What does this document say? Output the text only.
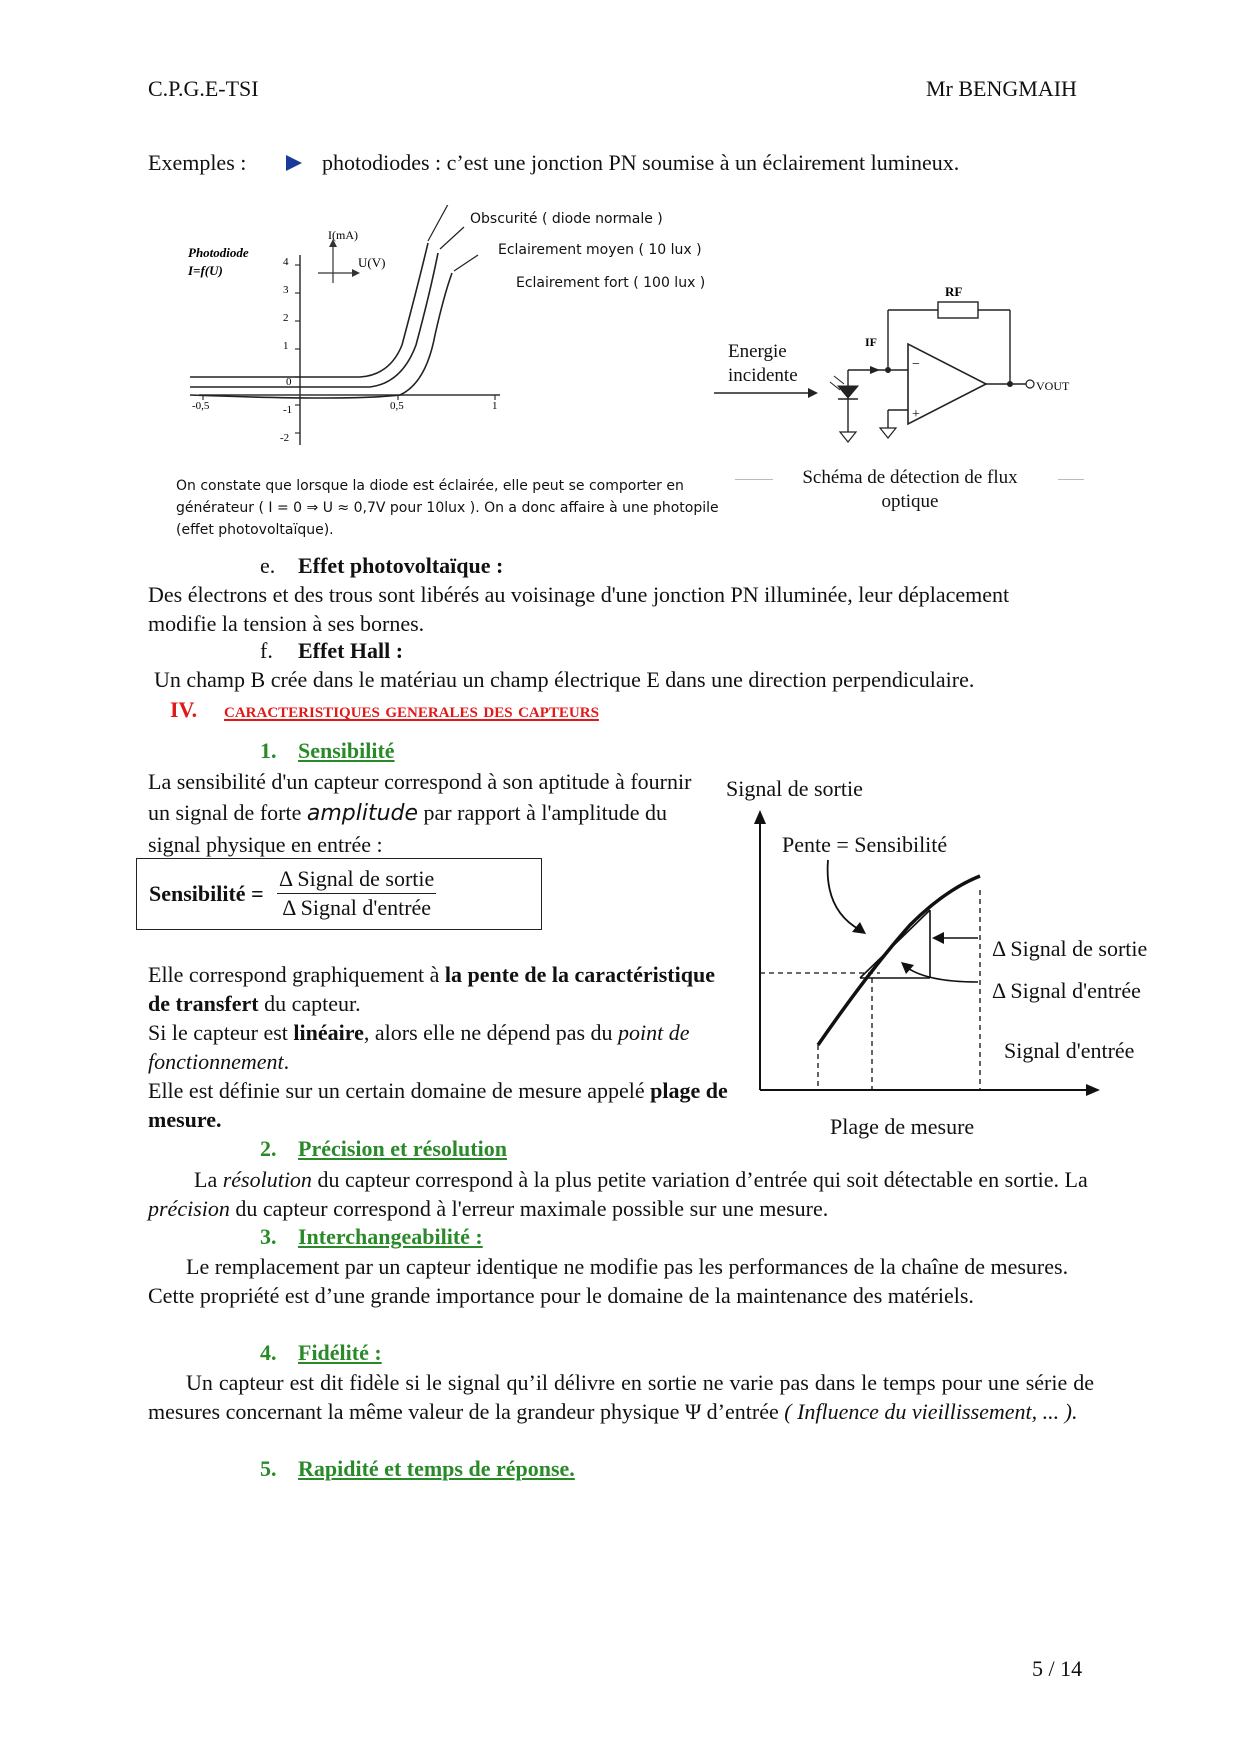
C.P.G.E-TSI	Mr BENGMAIH
Exemples :	photodiodes : c’est une jonction PN soumise à un éclairement lumineux.
4
3
2
1
0
-1
-2
-0,5	0,5	1
Photodiode
I=f(U)
I(mA)
U(V)
Obscurité ( diode normale )
Eclairement moyen ( 10 lux )
Eclairement fort ( 100 lux )
On constate que lorsque la diode est éclairée, elle peut se comporter en générateur ( I = 0 ⇒ U ≈ 0,7V pour 10lux ). On a donc affaire à une photopile (effet photovoltaïque).
Energie
incidente
−
+
RF
IF
VOUT
Schéma de détection de flux optique
e. Effet photovoltaïque :
Des électrons et des trous sont libérés au voisinage d'une jonction PN illuminée, leur déplacement modifie la tension à ses bornes.
f. Effet Hall :
Un champ B crée dans le matériau un champ électrique E dans une direction perpendiculaire.
IV. caracteristiques generales des capteurs
1. Sensibilité
La sensibilité d'un capteur correspond à son aptitude à fournir un signal de forte amplitude par rapport à l'amplitude du signal physique en entrée :
Sensibilité =
Δ Signal de sortie
Δ Signal d'entrée

Elle correspond graphiquement à la pente de la caractéristique de transfert du capteur.

Si le capteur est linéaire, alors elle ne dépend pas du point de fonctionnement.

Elle est définie sur un certain domaine de mesure appelé plage de mesure.

Signal de sortie
Pente = Sensibilité
Δ Signal de sortie
Δ Signal d'entrée
Signal d'entrée
Plage de mesure
2. Précision et résolution
La résolution du capteur correspond à la plus petite variation d’entrée qui soit détectable en sortie. La précision du capteur correspond à l'erreur maximale possible sur une mesure.
3. Interchangeabilité :
Le remplacement par un capteur identique ne modifie pas les performances de la chaîne de mesures. Cette propriété est d’une grande importance pour le domaine de la maintenance des matériels.
4. Fidélité :
Un capteur est dit fidèle si le signal qu’il délivre en sortie ne varie pas dans le temps pour une série de mesures concernant la même valeur de la grandeur physique Ψ d’entrée ( Influence du vieillissement, ... ).
5. Rapidité et temps de réponse.
5 / 14
